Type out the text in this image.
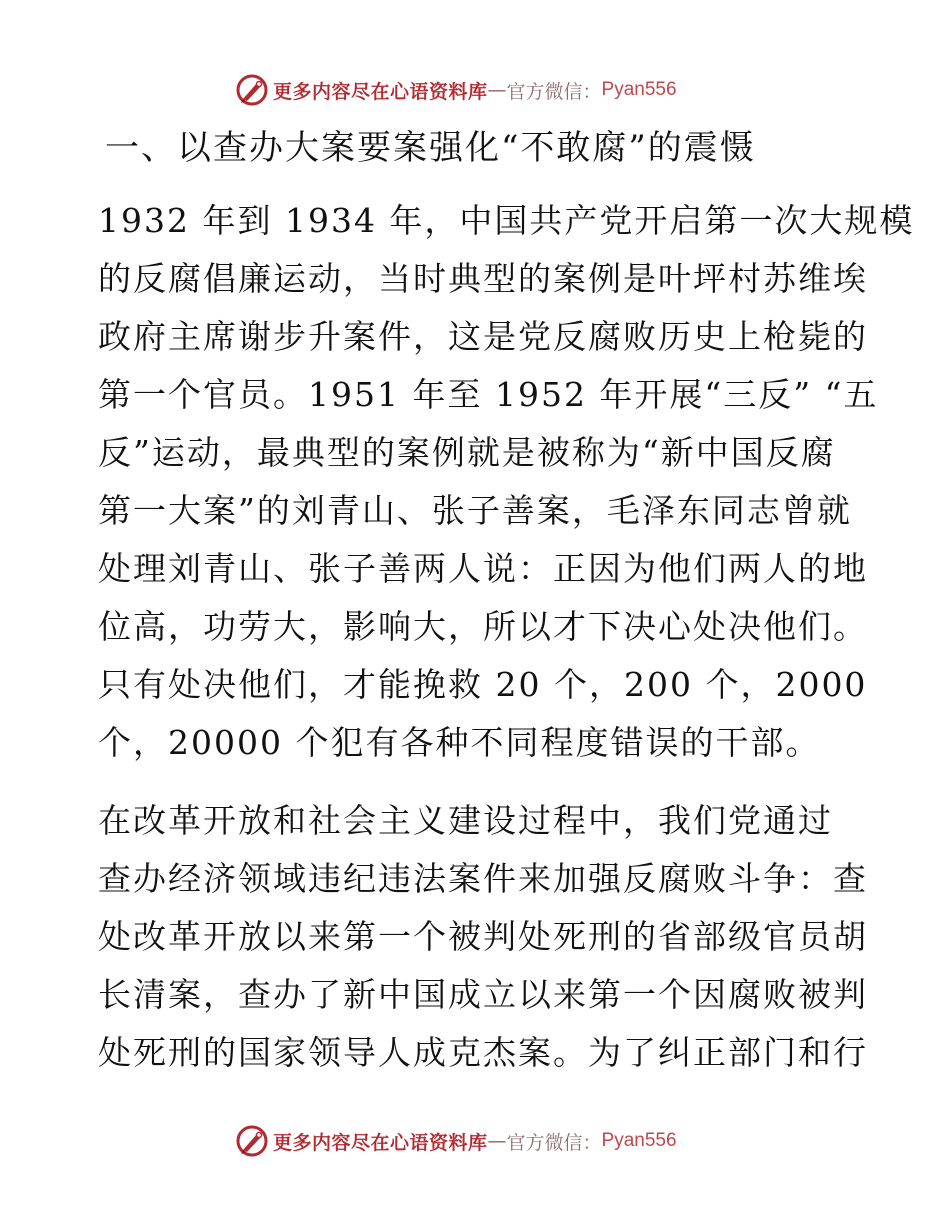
更多内容尽在心语资料库 — 官方微信： Pyan556
一、以查办大案要案强化“不敢腐”的震慑
1932 年到 1934 年，中国共产党开启第一次大规模
的反腐倡廉运动，当时典型的案例是叶坪村苏维埃
政府主席谢步升案件，这是党反腐败历史上枪毙的
第一个官员。1951 年至 1952 年开展“三反” “五
反”运动，最典型的案例就是被称为“新中国反腐
第一大案”的刘青山、张子善案，毛泽东同志曾就
处理刘青山、张子善两人说：正因为他们两人的地
位高，功劳大，影响大，所以才下决心处决他们。
只有处决他们，才能挽救 20 个，200 个，2000
个，20000 个犯有各种不同程度错误的干部。
在改革开放和社会主义建设过程中，我们党通过
查办经济领域违纪违法案件来加强反腐败斗争：查
处改革开放以来第一个被判处死刑的省部级官员胡
长清案，查办了新中国成立以来第一个因腐败被判
处死刑的国家领导人成克杰案。为了纠正部门和行
更多内容尽在心语资料库 — 官方微信： Pyan556
